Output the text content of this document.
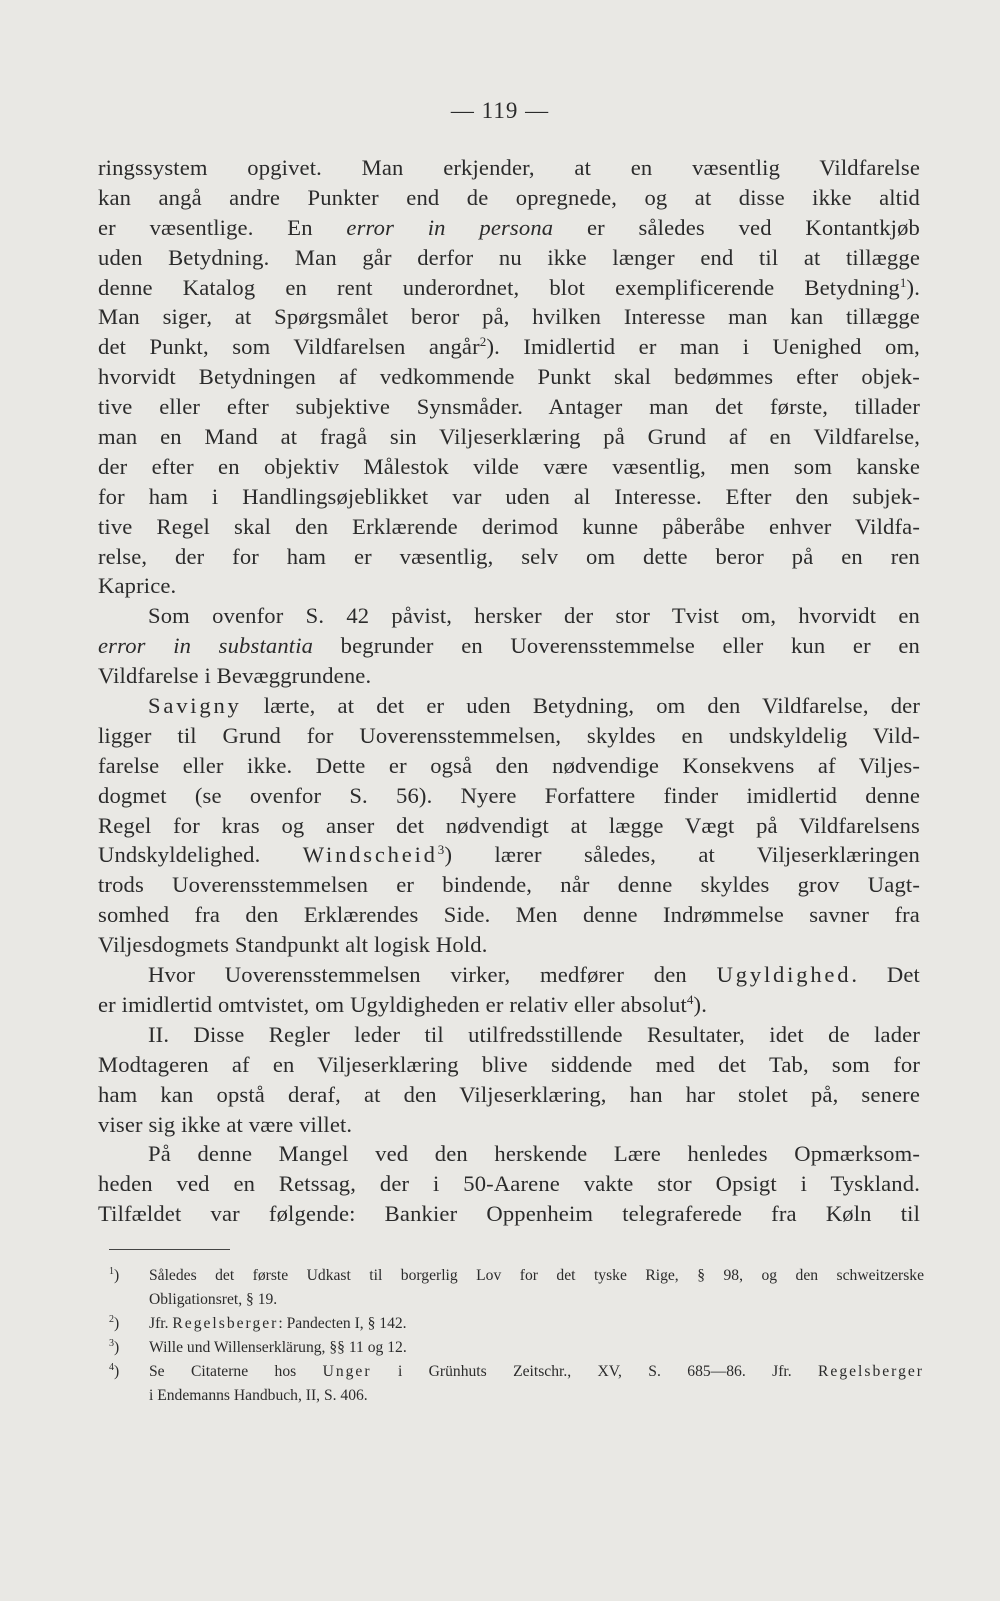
— 119 —
ringssystem opgivet. Man erkjender, at en væsentlig Vildfarelse
kan angå andre Punkter end de opregnede, og at disse ikke altid
er væsentlige. En error in persona er således ved Kontantkjøb
uden Betydning. Man går derfor nu ikke længer end til at tillægge
denne Katalog en rent underordnet, blot exemplificerende Betydning$^1$).
Man siger, at Spørgsmålet beror på, hvilken Interesse man kan tillægge
det Punkt, som Vildfarelsen angår$^2$). Imidlertid er man i Uenighed om,
hvorvidt Betydningen af vedkommende Punkt skal bedømmes efter objek-
tive eller efter subjektive Synsmåder. Antager man det første, tillader
man en Mand at fragå sin Viljeserklæring på Grund af en Vildfarelse,
der efter en objektiv Målestok vilde være væsentlig, men som kanske
for ham i Handlingsøjeblikket var uden al Interesse. Efter den subjek-
tive Regel skal den Erklærende derimod kunne påberåbe enhver Vildfa-
relse, der for ham er væsentlig, selv om dette beror på en ren
Kaprice.
Som ovenfor S. 42 påvist, hersker der stor Tvist om, hvorvidt en
error in substantia begrunder en Uoverensstemmelse eller kun er en
Vildfarelse i Bevæggrundene.
Savigny lærte, at det er uden Betydning, om den Vildfarelse, der
ligger til Grund for Uoverensstemmelsen, skyldes en undskyldelig Vild-
farelse eller ikke. Dette er også den nødvendige Konsekvens af Viljes-
dogmet (se ovenfor S. 56). Nyere Forfattere finder imidlertid denne
Regel for kras og anser det nødvendigt at lægge Vægt på Vildfarelsens
Undskyldelighed. Windscheid$^3$) lærer således, at Viljeserklæringen
trods Uoverensstemmelsen er bindende, når denne skyldes grov Uagt-
somhed fra den Erklærendes Side. Men denne Indrømmelse savner fra
Viljesdogmets Standpunkt alt logisk Hold.
Hvor Uoverensstemmelsen virker, medfører den Ugyldighed. Det
er imidlertid omtvistet, om Ugyldigheden er relativ eller absolut$^4$).
II. Disse Regler leder til utilfredsstillende Resultater, idet de lader
Modtageren af en Viljeserklæring blive siddende med det Tab, som for
ham kan opstå deraf, at den Viljeserklæring, han har stolet på, senere
viser sig ikke at være villet.
På denne Mangel ved den herskende Lære henledes Opmærksom-
heden ved en Retssag, der i 50-Aarene vakte stor Opsigt i Tyskland.
Tilfældet var følgende: Bankier Oppenheim telegraferede fra Køln til
$^1$)	Således det første Udkast til borgerlig Lov for det tyske Rige, § 98, og den schweitzerske
Obligationsret, § 19.
$^2$)	Jfr. Regelsberger: Pandecten I, § 142.
$^3$)	Wille und Willenserklärung, §§ 11 og 12.
$^4$)	Se Citaterne hos Unger i Grünhuts Zeitschr., XV, S. 685—86. Jfr. Regelsberger
i Endemanns Handbuch, II, S. 406.
